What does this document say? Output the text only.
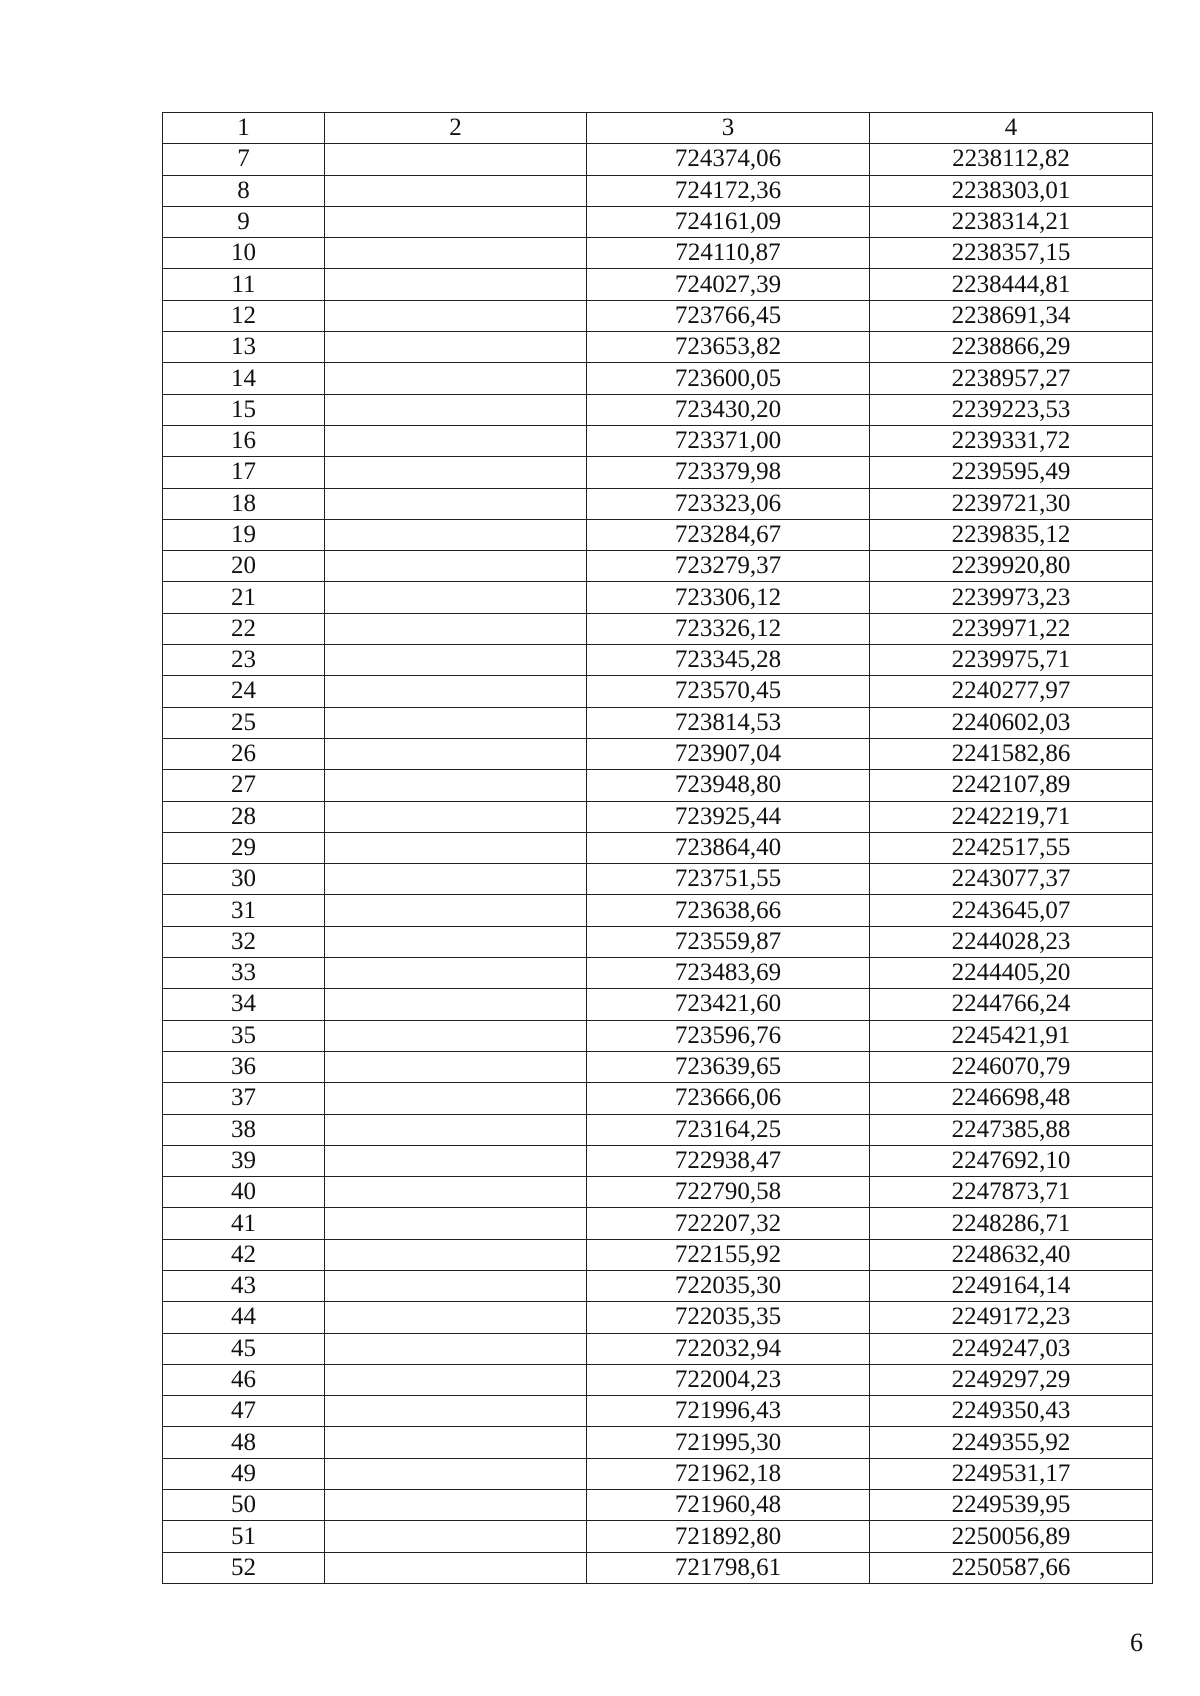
1	2	3	4
7		724374,06	2238112,82
8		724172,36	2238303,01
9		724161,09	2238314,21
10		724110,87	2238357,15
11		724027,39	2238444,81
12		723766,45	2238691,34
13		723653,82	2238866,29
14		723600,05	2238957,27
15		723430,20	2239223,53
16		723371,00	2239331,72
17		723379,98	2239595,49
18		723323,06	2239721,30
19		723284,67	2239835,12
20		723279,37	2239920,80
21		723306,12	2239973,23
22		723326,12	2239971,22
23		723345,28	2239975,71
24		723570,45	2240277,97
25		723814,53	2240602,03
26		723907,04	2241582,86
27		723948,80	2242107,89
28		723925,44	2242219,71
29		723864,40	2242517,55
30		723751,55	2243077,37
31		723638,66	2243645,07
32		723559,87	2244028,23
33		723483,69	2244405,20
34		723421,60	2244766,24
35		723596,76	2245421,91
36		723639,65	2246070,79
37		723666,06	2246698,48
38		723164,25	2247385,88
39		722938,47	2247692,10
40		722790,58	2247873,71
41		722207,32	2248286,71
42		722155,92	2248632,40
43		722035,30	2249164,14
44		722035,35	2249172,23
45		722032,94	2249247,03
46		722004,23	2249297,29
47		721996,43	2249350,43
48		721995,30	2249355,92
49		721962,18	2249531,17
50		721960,48	2249539,95
51		721892,80	2250056,89
52		721798,61	2250587,66
6
